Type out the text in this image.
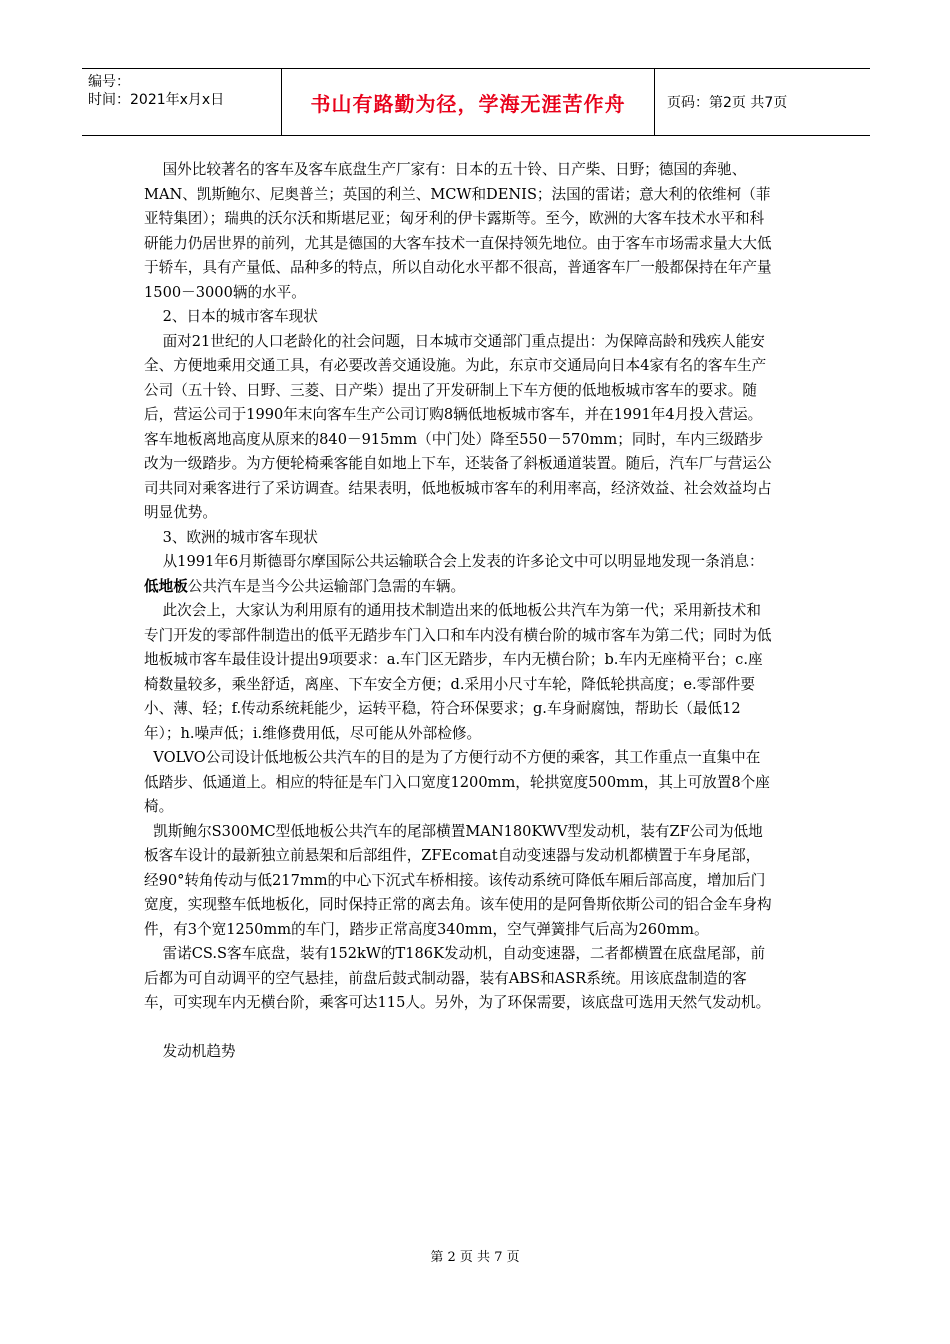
编号：
时间：2021年x月x日	书山有路勤为径，学海无涯苦作舟	页码：第2页 共7页

国外比较著名的客车及客车底盘生产厂家有：日本的五十铃、日产柴、日野；德国的奔驰、MAN、凯斯鲍尔、尼奥普兰；英国的利兰、MCW和DENIS；法国的雷诺；意大利的依维柯（菲亚特集团）；瑞典的沃尔沃和斯堪尼亚；匈牙利的伊卡露斯等。至今，欧洲的大客车技术水平和科研能力仍居世界的前列，尤其是德国的大客车技术一直保持领先地位。由于客车市场需求量大大低于轿车，具有产量低、品种多的特点，所以自动化水平都不很高，普通客车厂一般都保持在年产量1500－3000辆的水平。

2、日本的城市客车现状

面对21世纪的人口老龄化的社会问题，日本城市交通部门重点提出：为保障高龄和残疾人能安全、方便地乘用交通工具，有必要改善交通设施。为此，东京市交通局向日本4家有名的客车生产公司（五十铃、日野、三菱、日产柴）提出了开发研制上下车方便的低地板城市客车的要求。随后，营运公司于1990年末向客车生产公司订购8辆低地板城市客车，并在1991年4月投入营运。客车地板离地高度从原来的840－915mm（中门处）降至550－570mm；同时，车内三级踏步改为一级踏步。为方便轮椅乘客能自如地上下车，还装备了斜板通道装置。随后，汽车厂与营运公司共同对乘客进行了采访调查。结果表明，低地板城市客车的利用率高，经济效益、社会效益均占明显优势。

3、欧洲的城市客车现状

从1991年6月斯德哥尔摩国际公共运输联合会上发表的许多论文中可以明显地发现一条消息：低地板公共汽车是当今公共运输部门急需的车辆。

此次会上，大家认为利用原有的通用技术制造出来的低地板公共汽车为第一代；采用新技术和专门开发的零部件制造出的低平无踏步车门入口和车内没有横台阶的城市客车为第二代；同时为低地板城市客车最佳设计提出9项要求：a.车门区无踏步，车内无横台阶；b.车内无座椅平台；c.座椅数量较多，乘坐舒适，离座、下车安全方便；d.采用小尺寸车轮，降低轮拱高度；e.零部件要小、薄、轻；f.传动系统耗能少，运转平稳，符合环保要求；g.车身耐腐蚀，帮助长（最低12年）；h.噪声低；i.维修费用低，尽可能从外部检修。

VOLVO公司设计低地板公共汽车的目的是为了方便行动不方便的乘客，其工作重点一直集中在低踏步、低通道上。相应的特征是车门入口宽度1200mm，轮拱宽度500mm，其上可放置8个座椅。

凯斯鲍尔S300MC型低地板公共汽车的尾部横置MAN180KWV型发动机，装有ZF公司为低地板客车设计的最新独立前悬架和后部组件，ZFEcomat自动变速器与发动机都横置于车身尾部，经90°转角传动与低217mm的中心下沉式车桥相接。该传动系统可降低车厢后部高度，增加后门宽度，实现整车低地板化，同时保持正常的离去角。该车使用的是阿鲁斯依斯公司的铝合金车身构件，有3个宽1250mm的车门，踏步正常高度340mm，空气弹簧排气后高为260mm。

雷诺CS.S客车底盘，装有152kW的T186K发动机，自动变速器，二者都横置在底盘尾部，前后都为可自动调平的空气悬挂，前盘后鼓式制动器，装有ABS和ASR系统。用该底盘制造的客车，可实现车内无横台阶，乘客可达115人。另外，为了环保需要，该底盘可选用天然气发动机。

发动机趋势

第 2 页 共 7 页
